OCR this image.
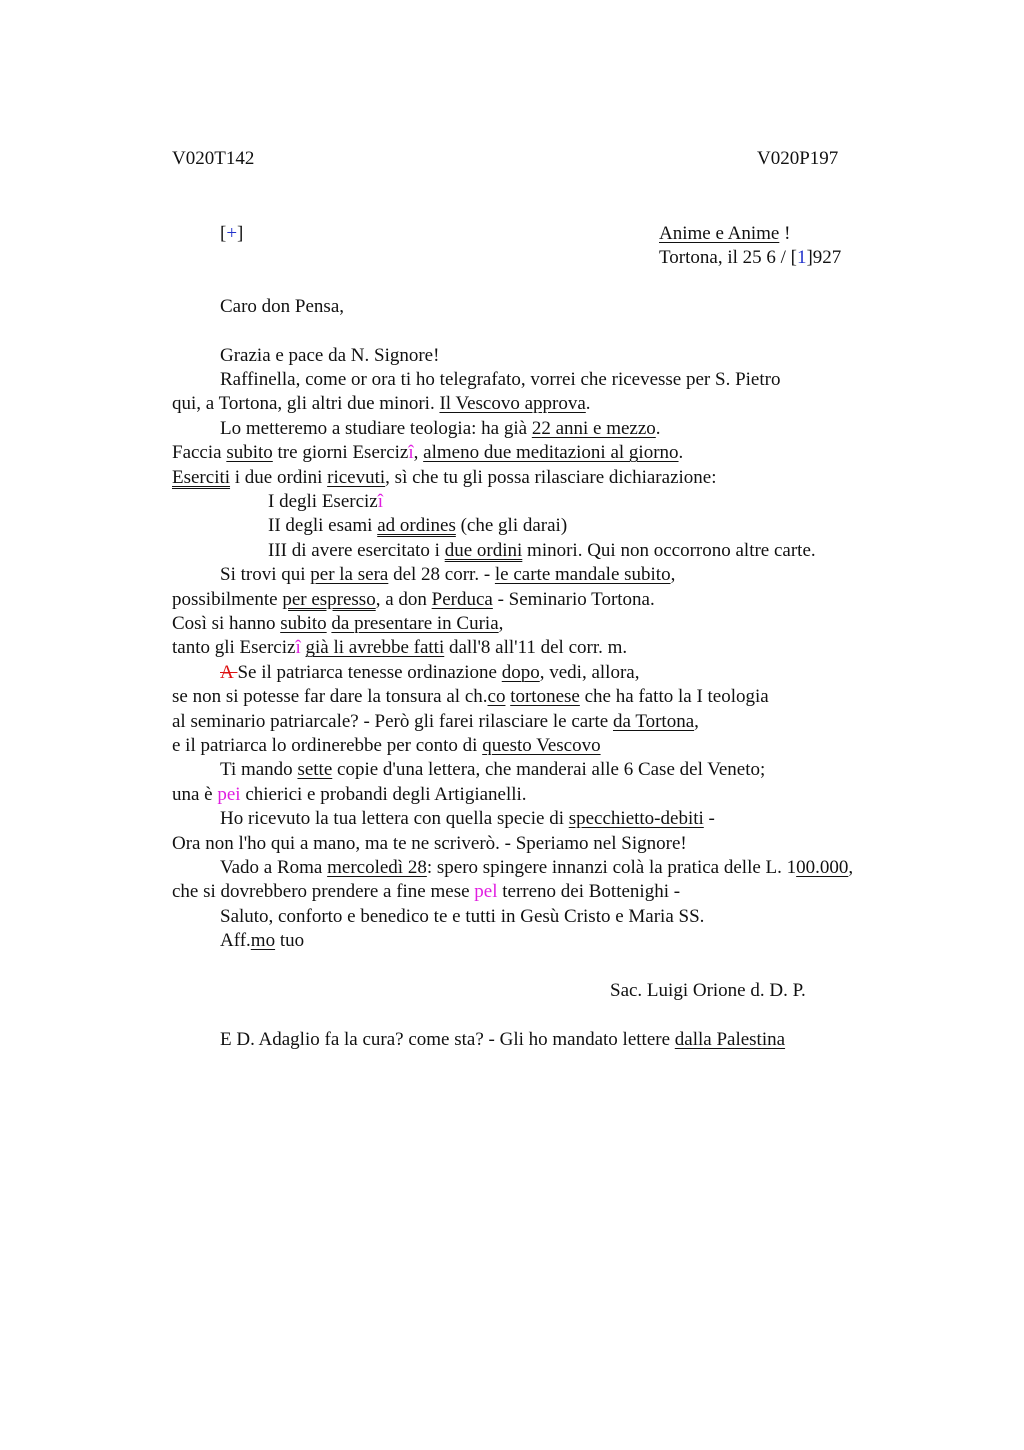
V020T142	V020P197
[+]	Anime e Anime !
Tortona, il 25 6 / [1]927
Caro don Pensa,
Grazia e pace da N. Signore!
Raffinella, come or ora ti ho telegrafato, vorrei che ricevesse per S. Pietro
qui, a Tortona, gli altri due minori. Il Vescovo approva.
Lo metteremo a studiare teologia: ha già 22 anni e mezzo.
Faccia subito tre giorni Esercizî, almeno due meditazioni al giorno.
Eserciti i due ordini ricevuti, sì che tu gli possa rilasciare dichiarazione:
I degli Esercizî
II degli esami ad ordines (che gli darai)
III di avere esercitato i due ordini minori. Qui non occorrono altre carte.
Si trovi qui per la sera del 28 corr. - le carte mandale subito,
possibilmente per espresso, a don Perduca - Seminario Tortona.
Così si hanno subito da presentare in Curia,
tanto gli Esercizî già li avrebbe fatti dall'8 all'11 del corr. m.
A Se il patriarca tenesse ordinazione dopo, vedi, allora,
se non si potesse far dare la tonsura al ch.co tortonese che ha fatto la I teologia
al seminario patriarcale? - Però gli farei rilasciare le carte da Tortona,
e il patriarca lo ordinerebbe per conto di questo Vescovo
Ti mando sette copie d'una lettera, che manderai alle 6 Case del Veneto;
una è pei chierici e probandi degli Artigianelli.
Ho ricevuto la tua lettera con quella specie di specchietto-debiti -
Ora non l'ho qui a mano, ma te ne scriverò. - Speriamo nel Signore!
Vado a Roma mercoledì 28: spero spingere innanzi colà la pratica delle L. 100.000,
che si dovrebbero prendere a fine mese pel terreno dei Bottenighi -
Saluto, conforto e benedico te e tutti in Gesù Cristo e Maria SS.
Aff.mo tuo
Sac. Luigi Orione d. D. P.
E D. Adaglio fa la cura? come sta? - Gli ho mandato lettere dalla Palestina
